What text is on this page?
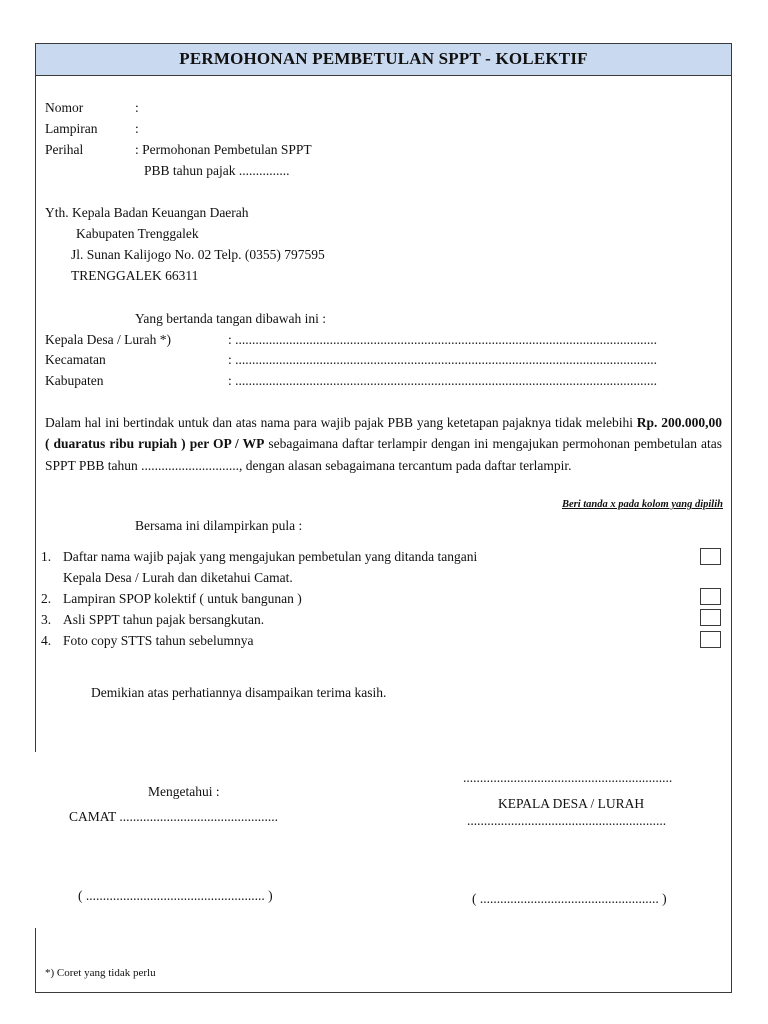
PERMOHONAN PEMBETULAN SPPT - KOLEKTIF
Nomor	:
Lampiran	:
Perihal	: Permohonan Pembetulan SPPT
PBB tahun pajak ...............
Yth. Kepala Badan Keuangan Daerah
Kabupaten Trenggalek
Jl. Sunan Kalijogo No. 02 Telp. (0355) 797595
TRENGGALEK 66311
Yang bertanda tangan dibawah ini :
Kepala Desa / Lurah *)	: .............................................................................................................................
Kecamatan	: .............................................................................................................................
Kabupaten	: .............................................................................................................................
Dalam hal ini bertindak untuk dan atas nama para wajib pajak PBB yang ketetapan pajaknya tidak melebihi Rp. 200.000,00 ( duaratus ribu rupiah ) per OP / WP sebagaimana daftar terlampir dengan ini mengajukan permohonan pembetulan atas SPPT PBB tahun ............................., dengan alasan sebagaimana tercantum pada daftar terlampir.
Beri tanda x pada kolom yang dipilih
Bersama ini dilampirkan pula :
1. Daftar nama wajib pajak yang mengajukan pembetulan yang ditanda tangani
Kepala Desa / Lurah dan diketahui Camat.
2. Lampiran SPOP kolektif ( untuk bangunan )
3. Asli SPPT tahun pajak bersangkutan.
4. Foto copy STTS tahun sebelumnya
Demikian atas perhatiannya disampaikan terima kasih.
..............................................................
Mengetahui :
KEPALA DESA / LURAH
CAMAT ...............................................	...........................................................
( ..................................................... )	( ..................................................... )
*) Coret yang tidak perlu
